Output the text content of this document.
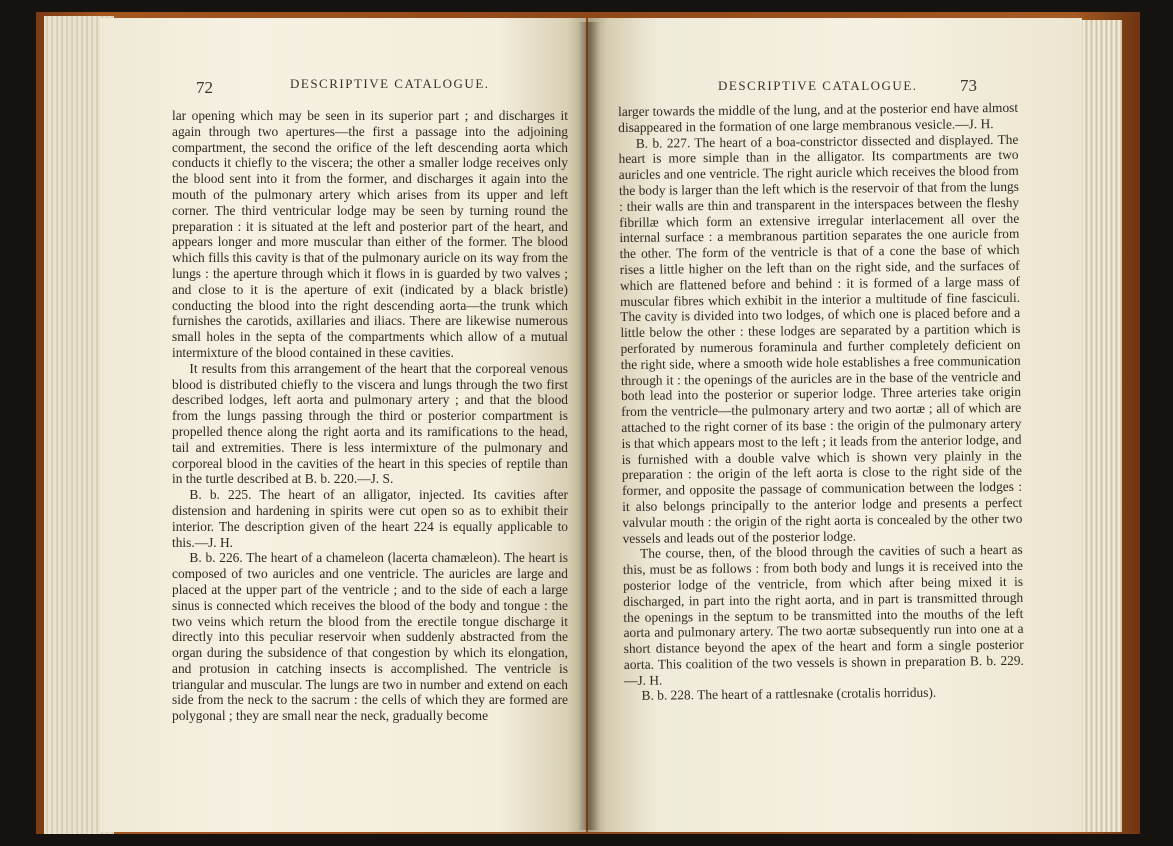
72	DESCRIPTIVE CATALOGUE.

lar opening which may be seen in its superior part ; and discharges it again through two apertures—the first a passage into the adjoining compartment, the second the orifice of the left descending aorta which conducts it chiefly to the viscera; the other a smaller lodge receives only the blood sent into it from the former, and discharges it again into the mouth of the pulmonary artery which arises from its upper and left corner. The third ventricular lodge may be seen by turning round the preparation : it is situated at the left and posterior part of the heart, and appears longer and more muscular than either of the former. The blood which fills this cavity is that of the pulmonary auricle on its way from the lungs : the aperture through which it flows in is guarded by two valves ; and close to it is the aperture of exit (indicated by a black bristle) conducting the blood into the right descending aorta—the trunk which furnishes the carotids, axillaries and iliacs. There are likewise numerous small holes in the septa of the compartments which allow of a mutual intermixture of the blood contained in these cavities.

It results from this arrangement of the heart that the corporeal venous blood is distributed chiefly to the viscera and lungs through the two first described lodges, left aorta and pulmonary artery ; and that the blood from the lungs passing through the third or posterior compartment is propelled thence along the right aorta and its ramifications to the head, tail and extremities. There is less intermixture of the pulmonary and corporeal blood in the cavities of the heart in this species of reptile than in the turtle described at B. b. 220.—J. S.

B. b. 225. The heart of an alligator, injected. Its cavities after distension and hardening in spirits were cut open so as to exhibit their interior. The description given of the heart 224 is equally applicable to this.—J. H.

B. b. 226. The heart of a chameleon (lacerta chamæleon). The heart is composed of two auricles and one ventricle. The auricles are large and placed at the upper part of the ventricle ; and to the side of each a large sinus is connected which receives the blood of the body and tongue : the two veins which return the blood from the erectile tongue discharge it directly into this peculiar reservoir when suddenly abstracted from the organ during the subsidence of that congestion by which its elongation, and protusion in catching insects is accomplished. The ventricle is triangular and muscular. The lungs are two in number and extend on each side from the neck to the sacrum : the cells of which they are formed are polygonal ; they are small near the neck, gradually become

DESCRIPTIVE CATALOGUE. 73

larger towards the middle of the lung, and at the posterior end have almost disappeared in the formation of one large membranous vesicle.—J. H.

B. b. 227. The heart of a boa-constrictor dissected and displayed. The heart is more simple than in the alligator. Its compartments are two auricles and one ventricle. The right auricle which receives the blood from the body is larger than the left which is the reservoir of that from the lungs : their walls are thin and transparent in the interspaces between the fleshy fibrillæ which form an extensive irregular interlacement all over the internal surface : a membranous partition separates the one auricle from the other. The form of the ventricle is that of a cone the base of which rises a little higher on the left than on the right side, and the surfaces of which are flattened before and behind : it is formed of a large mass of muscular fibres which exhibit in the interior a multitude of fine fasciculi. The cavity is divided into two lodges, of which one is placed before and a little below the other : these lodges are separated by a partition which is perforated by numerous foraminula and further completely deficient on the right side, where a smooth wide hole establishes a free communication through it : the openings of the auricles are in the base of the ventricle and both lead into the posterior or superior lodge. Three arteries take origin from the ventricle—the pulmonary artery and two aortæ ; all of which are attached to the right corner of its base : the origin of the pulmonary artery is that which appears most to the left ; it leads from the anterior lodge, and is furnished with a double valve which is shown very plainly in the preparation : the origin of the left aorta is close to the right side of the former, and opposite the passage of communication between the lodges : it also belongs principally to the anterior lodge and presents a perfect valvular mouth : the origin of the right aorta is concealed by the other two vessels and leads out of the posterior lodge.

The course, then, of the blood through the cavities of such a heart as this, must be as follows : from both body and lungs it is received into the posterior lodge of the ventricle, from which after being mixed it is discharged, in part into the right aorta, and in part is transmitted through the openings in the septum to be transmitted into the mouths of the left aorta and pulmonary artery. The two aortæ subsequently run into one at a short distance beyond the apex of the heart and form a single posterior aorta. This coalition of the two vessels is shown in preparation B. b. 229.—J. H.

B. b. 228. The heart of a rattlesnake (crotalis horridus).
